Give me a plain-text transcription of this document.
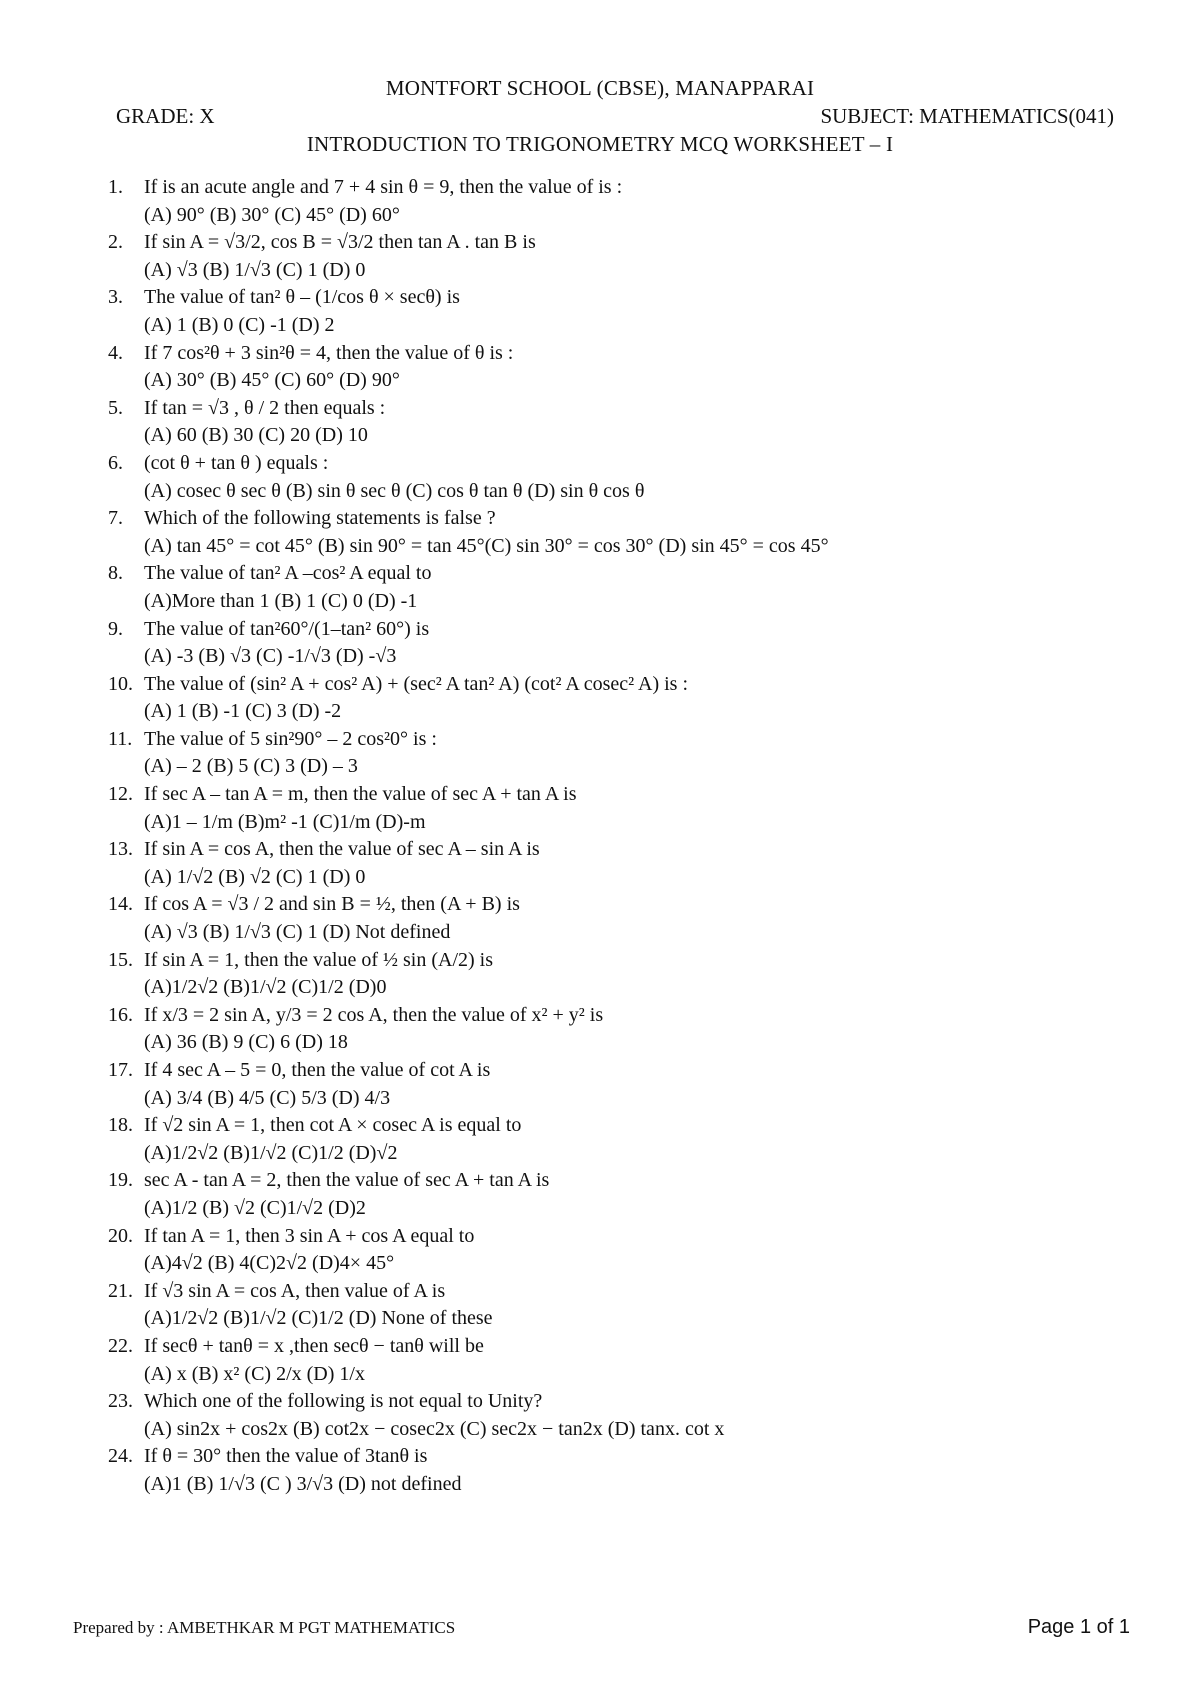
MONTFORT SCHOOL (CBSE), MANAPPARAI
GRADE: X	SUBJECT: MATHEMATICS(041)
INTRODUCTION TO TRIGONOMETRY MCQ WORKSHEET – I
1.	If is an acute angle and 7 + 4 sin θ = 9, then the value of is :
(A) 90° (B) 30° (C) 45° (D) 60°
2.	If sin A = √3/2, cos B = √3/2 then tan A . tan B is
(A) √3 (B) 1/√3 (C) 1 (D) 0
3.	The value of tan² θ – (1/cos θ × secθ) is
(A) 1 (B) 0 (C) -1 (D) 2
4.	If 7 cos²θ + 3 sin²θ = 4, then the value of θ is :
(A) 30° (B) 45° (C) 60° (D) 90°
5.	If tan = √3 , θ / 2 then equals :
(A) 60 (B) 30 (C) 20 (D) 10
6.	(cot θ + tan θ ) equals :
(A) cosec θ sec θ (B) sin θ sec θ (C) cos θ tan θ (D) sin θ cos θ
7.	Which of the following statements is false ?
(A) tan 45° = cot 45° (B) sin 90° = tan 45°(C) sin 30° = cos 30° (D) sin 45° = cos 45°
8.	The value of tan² A –cos² A equal to
(A)More than 1 (B) 1 (C) 0 (D) -1
9.	The value of tan²60°/(1–tan² 60°) is
(A) -3 (B) √3 (C) -1/√3 (D) -√3
10. The value of (sin² A + cos² A) + (sec² A tan² A) (cot² A cosec² A) is :
(A) 1 (B) -1 (C) 3 (D) -2
11. The value of 5 sin²90° – 2 cos²0° is :
(A) – 2 (B) 5 (C) 3 (D) – 3
12. If sec A – tan A = m, then the value of sec A + tan A is
(A)1 – 1/m (B)m² -1 (C)1/m (D)-m
13. If sin A = cos A, then the value of sec A – sin A is
(A) 1/√2 (B) √2 (C) 1 (D) 0
14. If cos A = √3 / 2 and sin B = ½, then (A + B) is
(A) √3 (B) 1/√3 (C) 1 (D) Not defined
15. If sin A = 1, then the value of ½ sin (A/2) is
(A)1/2√2 (B)1/√2 (C)1/2 (D)0
16. If x/3 = 2 sin A, y/3 = 2 cos A, then the value of x² + y² is
(A) 36 (B) 9 (C) 6 (D) 18
17. If 4 sec A – 5 = 0, then the value of cot A is
(A) 3/4 (B) 4/5 (C) 5/3 (D) 4/3
18. If √2 sin A = 1, then cot A × cosec A is equal to
(A)1/2√2 (B)1/√2 (C)1/2 (D)√2
19. sec A - tan A = 2, then the value of sec A + tan A is
(A)1/2 (B) √2 (C)1/√2 (D)2
20. If tan A = 1, then 3 sin A + cos A equal to
(A)4√2 (B) 4(C)2√2 (D)4× 45°
21. If √3 sin A = cos A, then value of A is
(A)1/2√2 (B)1/√2 (C)1/2 (D) None of these
22. If secθ + tanθ = x ,then secθ − tanθ will be
(A) x (B) x² (C) 2/x (D) 1/x
23. Which one of the following is not equal to Unity?
(A) sin2x + cos2x (B) cot2x − cosec2x (C) sec2x − tan2x (D) tanx. cot x
24. If θ = 30° then the value of 3tanθ is
(A)1 (B) 1/√3 (C ) 3/√3 (D) not defined
Prepared by : AMBETHKAR M PGT MATHEMATICS	Page 1 of 1
